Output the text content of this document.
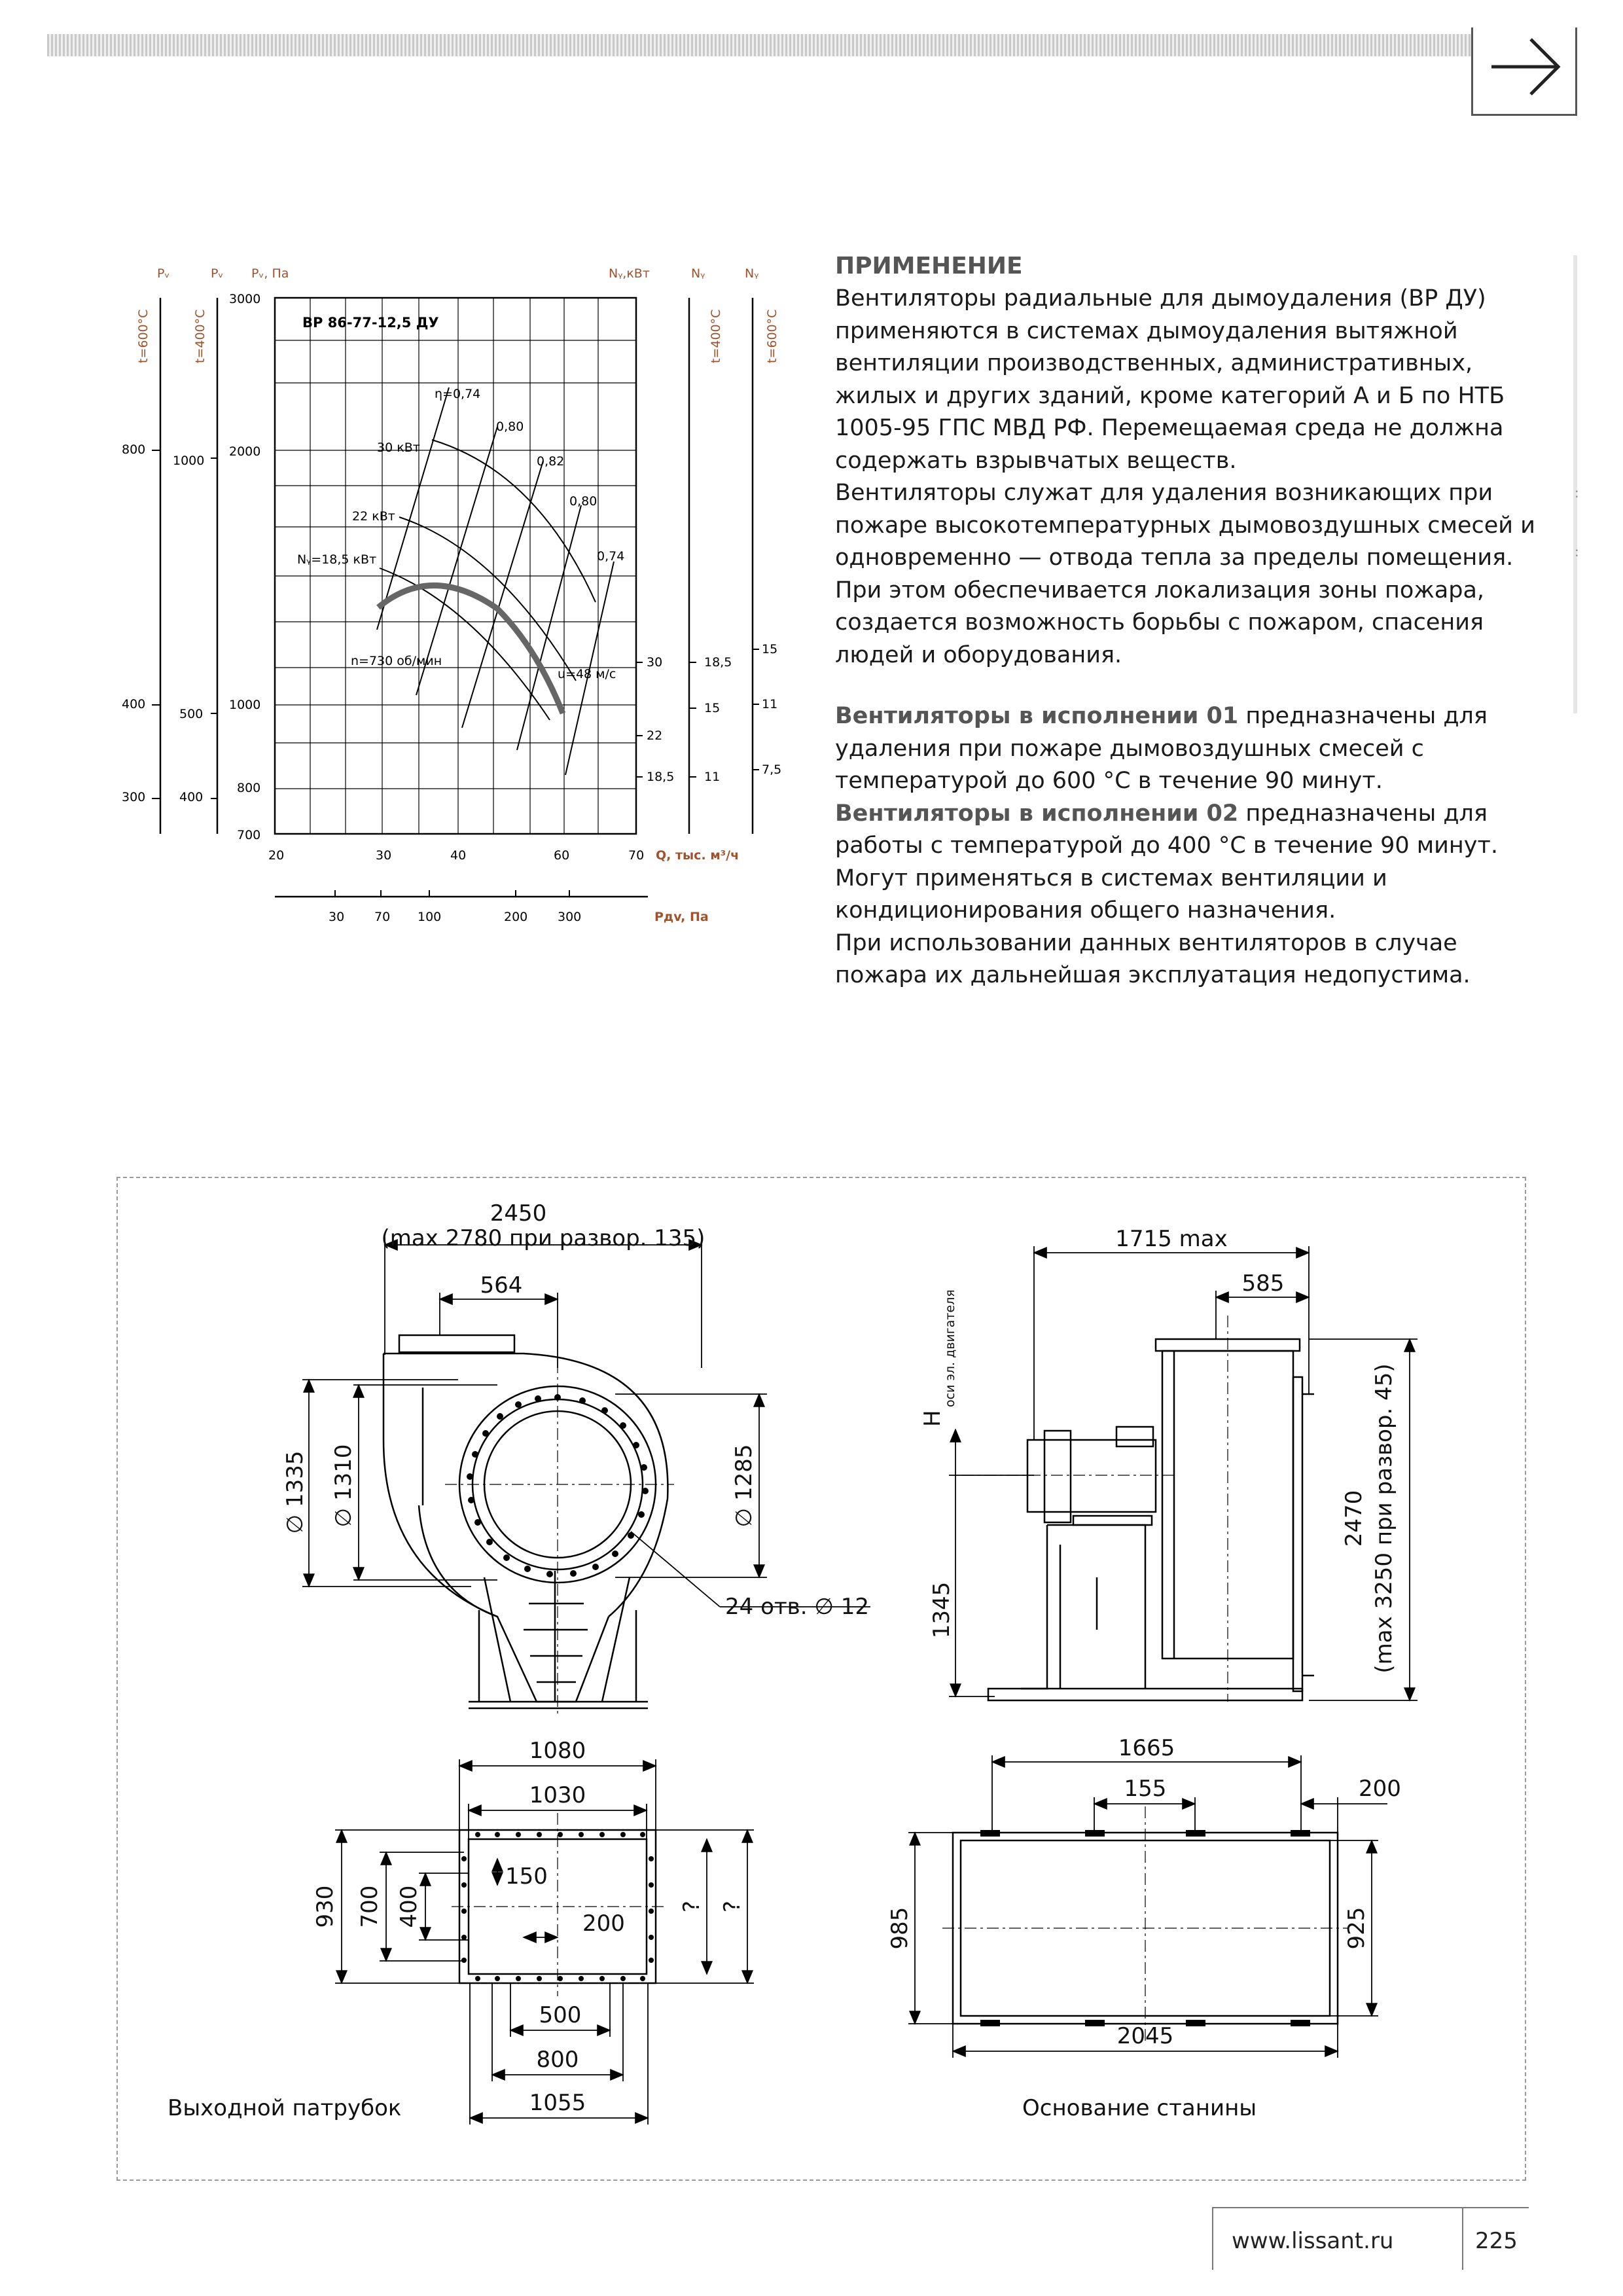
Pᵥ	Pᵥ Pᵥ, Па	Nᵧ,кВт	Nᵧ	Nᵧ
t=600°С	t=400°С	t=400°С	t=600°С
ВР 86-77-12,5 ДУ
800
400
300
1000
500
400
3000
2000
1000
800
700
20	30	40	60	70 Q, тыс. м³/ч
30 70 100	200 300	Pдv, Па
η=0,74
0,80
0,82
0,80
0,74
30 кВт
22 кВт
Nᵧ=18,5 кВт
n=730 об/мин
u=48 м/с
30
22
18,5
18,5
15
11
15
11
7,5
ПРИМЕНЕНИЕ

Вентиляторы радиальные для дымоудаления (ВР ДУ) применяются в системах дымоудаления вытяжной вентиляции производственных, административных, жилых и других зданий, кроме категорий А и Б по НТБ 1005-95 ГПС МВД РФ. Перемещаемая среда не должна содержать взрывчатых веществ.

Вентиляторы служат для удаления возникающих при пожаре высокотемпературных дымовоздушных смесей и одновременно — отвода тепла за пределы помещения. При этом обеспечивается локализация зоны пожара, создается возможность борьбы с пожаром, спасения людей и оборудования.

Вентиляторы в исполнении 01 предназначены для удаления при пожаре дымовоздушных смесей с температурой до 600 °С в течение 90 минут.

Вентиляторы в исполнении 02 предназначены для работы с температурой до 400 °С в течение 90 минут.

Могут применяться в системах вентиляции и кондиционирования общего назначения.

При использовании данных вентиляторов в случае пожара их дальнейшая эксплуатация недопустима.

:

:
2450
(max 2780 при развор. 135)
564
∅ 1335 ∅ 1310	∅ 1285
24 отв. ∅ 12
1715 max
585
H
оси эл. двигателя
1345
2470 (max 3250 при развор. 45)
1080
1030
930 700 400
150
200
? ?
500
800
1055
Выходной патрубок
1665
155	200
985	925
2045
Основание станины
www.lissant.ru	225
